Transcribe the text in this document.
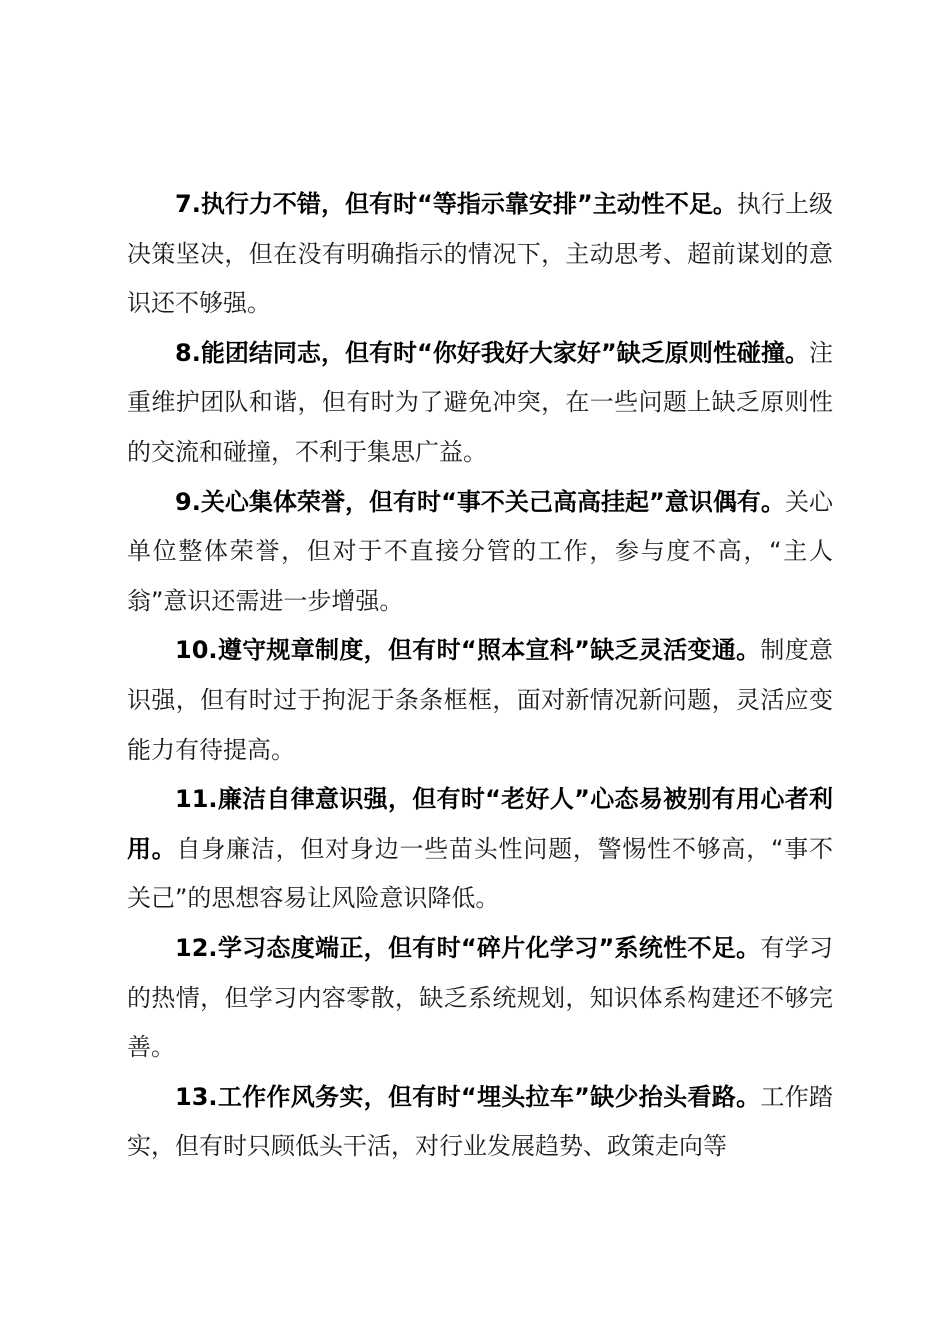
7.执行力不错，但有时“等指示靠安排”主动性不足。执行上级决策坚决，但在没有明确指示的情况下，主动思考、超前谋划的意识还不够强。

8.能团结同志，但有时“你好我好大家好”缺乏原则性碰撞。注重维护团队和谐，但有时为了避免冲突，在一些问题上缺乏原则性的交流和碰撞，不利于集思广益。

9.关心集体荣誉，但有时“事不关己高高挂起”意识偶有。关心单位整体荣誉，但对于不直接分管的工作，参与度不高，“主人翁”意识还需进一步增强。

10.遵守规章制度，但有时“照本宣科”缺乏灵活变通。制度意识强，但有时过于拘泥于条条框框，面对新情况新问题，灵活应变能力有待提高。

11.廉洁自律意识强，但有时“老好人”心态易被别有用心者利用。自身廉洁，但对身边一些苗头性问题，警惕性不够高，“事不关己”的思想容易让风险意识降低。

12.学习态度端正，但有时“碎片化学习”系统性不足。有学习的热情，但学习内容零散，缺乏系统规划，知识体系构建还不够完善。

13.工作作风务实，但有时“埋头拉车”缺少抬头看路。工作踏实，但有时只顾低头干活，对行业发展趋势、政策走向等
